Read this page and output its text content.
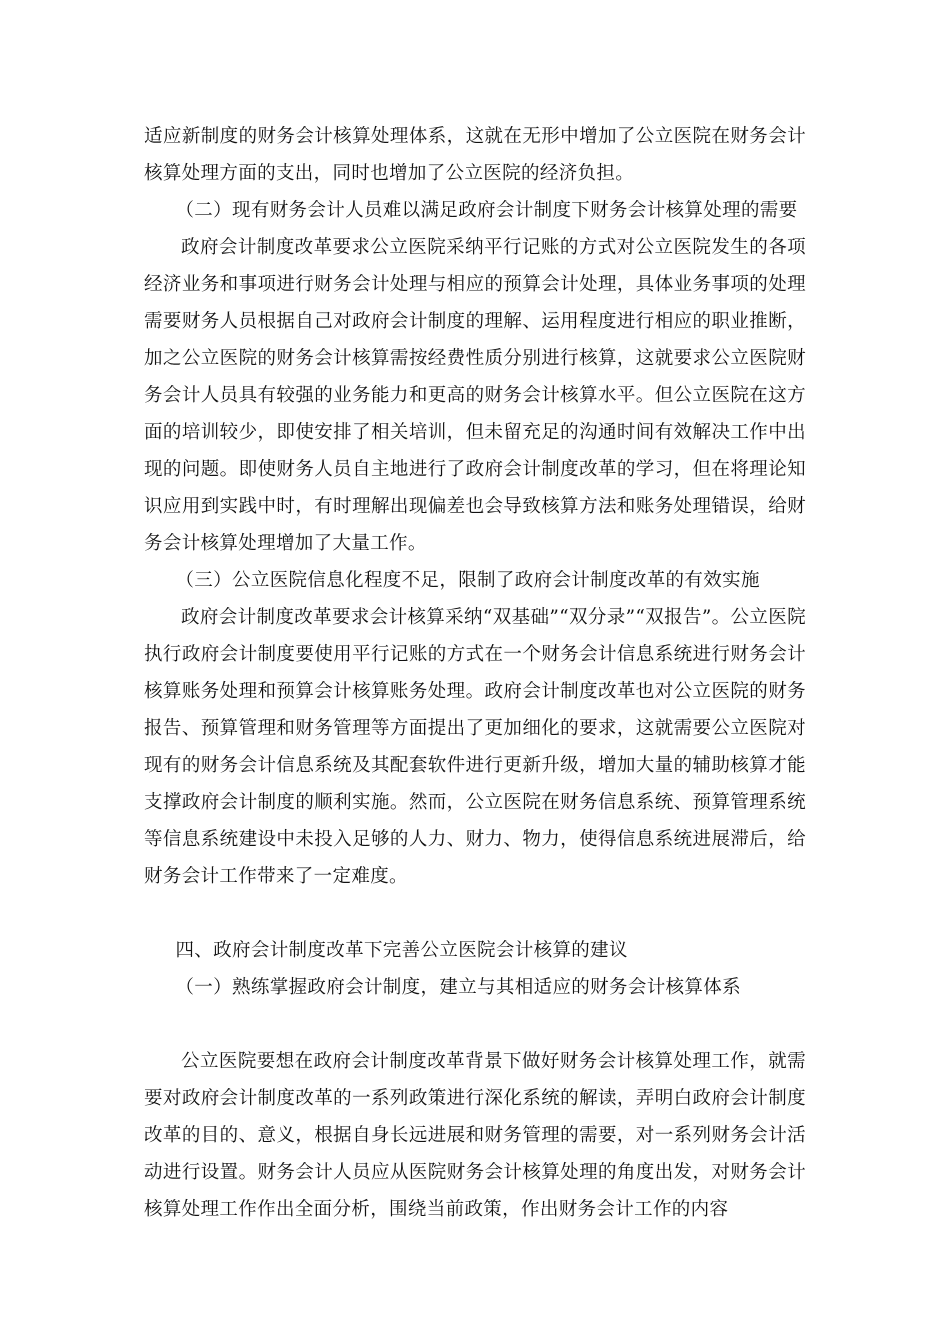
适应新制度的财务会计核算处理体系，这就在无形中增加了公立医院在财务会计核算处理方面的支出，同时也增加了公立医院的经济负担。

（二）现有财务会计人员难以满足政府会计制度下财务会计核算处理的需要

政府会计制度改革要求公立医院采纳平行记账的方式对公立医院发生的各项经济业务和事项进行财务会计处理与相应的预算会计处理，具体业务事项的处理需要财务人员根据自己对政府会计制度的理解、运用程度进行相应的职业推断，加之公立医院的财务会计核算需按经费性质分别进行核算，这就要求公立医院财务会计人员具有较强的业务能力和更高的财务会计核算水平。但公立医院在这方面的培训较少，即使安排了相关培训，但未留充足的沟通时间有效解决工作中出现的问题。即使财务人员自主地进行了政府会计制度改革的学习，但在将理论知识应用到实践中时，有时理解出现偏差也会导致核算方法和账务处理错误，给财务会计核算处理增加了大量工作。

（三）公立医院信息化程度不足，限制了政府会计制度改革的有效实施

政府会计制度改革要求会计核算采纳“双基础”“双分录”“双报告”。公立医院执行政府会计制度要使用平行记账的方式在一个财务会计信息系统进行财务会计核算账务处理和预算会计核算账务处理。政府会计制度改革也对公立医院的财务报告、预算管理和财务管理等方面提出了更加细化的要求，这就需要公立医院对现有的财务会计信息系统及其配套软件进行更新升级，增加大量的辅助核算才能支撑政府会计制度的顺利实施。然而，公立医院在财务信息系统、预算管理系统等信息系统建设中未投入足够的人力、财力、物力，使得信息系统进展滞后，给财务会计工作带来了一定难度。

四、政府会计制度改革下完善公立医院会计核算的建议

（一）熟练掌握政府会计制度，建立与其相适应的财务会计核算体系

公立医院要想在政府会计制度改革背景下做好财务会计核算处理工作，就需要对政府会计制度改革的一系列政策进行深化系统的解读，弄明白政府会计制度改革的目的、意义，根据自身长远进展和财务管理的需要，对一系列财务会计活动进行设置。财务会计人员应从医院财务会计核算处理的角度出发，对财务会计核算处理工作作出全面分析，围绕当前政策，作出财务会计工作的内容
